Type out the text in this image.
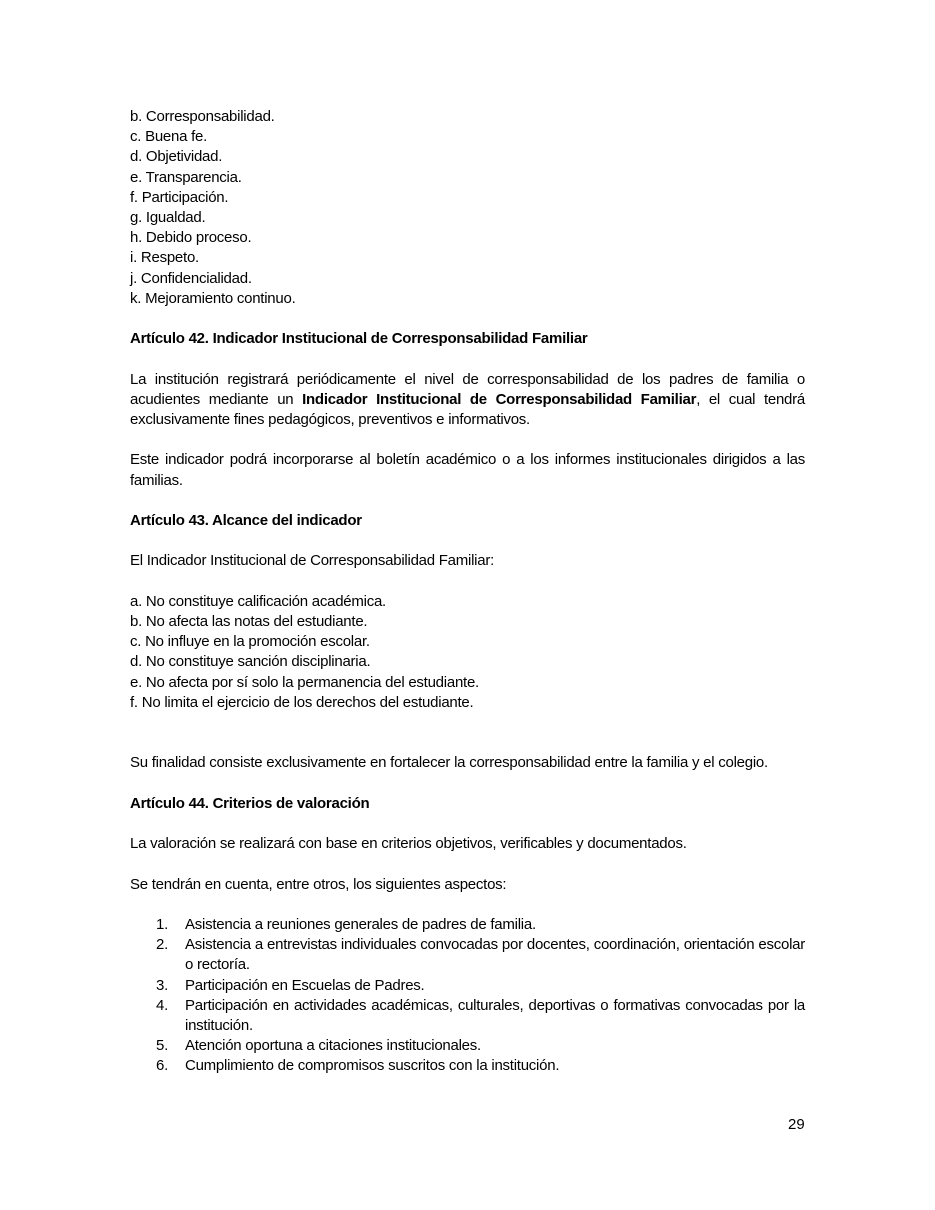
b. Corresponsabilidad.
c. Buena fe.
d. Objetividad.
e. Transparencia.
f. Participación.
g. Igualdad.
h. Debido proceso.
i. Respeto.
j. Confidencialidad.
k. Mejoramiento continuo.
Artículo 42. Indicador Institucional de Corresponsabilidad Familiar
La institución registrará periódicamente el nivel de corresponsabilidad de los padres de familia o acudientes mediante un Indicador Institucional de Corresponsabilidad Familiar, el cual tendrá exclusivamente fines pedagógicos, preventivos e informativos.
Este indicador podrá incorporarse al boletín académico o a los informes institucionales dirigidos a las familias.
Artículo 43. Alcance del indicador
El Indicador Institucional de Corresponsabilidad Familiar:
a. No constituye calificación académica.
b. No afecta las notas del estudiante.
c. No influye en la promoción escolar.
d. No constituye sanción disciplinaria.
e. No afecta por sí solo la permanencia del estudiante.
f. No limita el ejercicio de los derechos del estudiante.
Su finalidad consiste exclusivamente en fortalecer la corresponsabilidad entre la familia y el colegio.
Artículo 44. Criterios de valoración
La valoración se realizará con base en criterios objetivos, verificables y documentados.
Se tendrán en cuenta, entre otros, los siguientes aspectos:
1. Asistencia a reuniones generales de padres de familia.
2. Asistencia a entrevistas individuales convocadas por docentes, coordinación, orientación escolar o rectoría.
3. Participación en Escuelas de Padres.
4. Participación en actividades académicas, culturales, deportivas o formativas convocadas por la institución.
5. Atención oportuna a citaciones institucionales.
6. Cumplimiento de compromisos suscritos con la institución.
29
